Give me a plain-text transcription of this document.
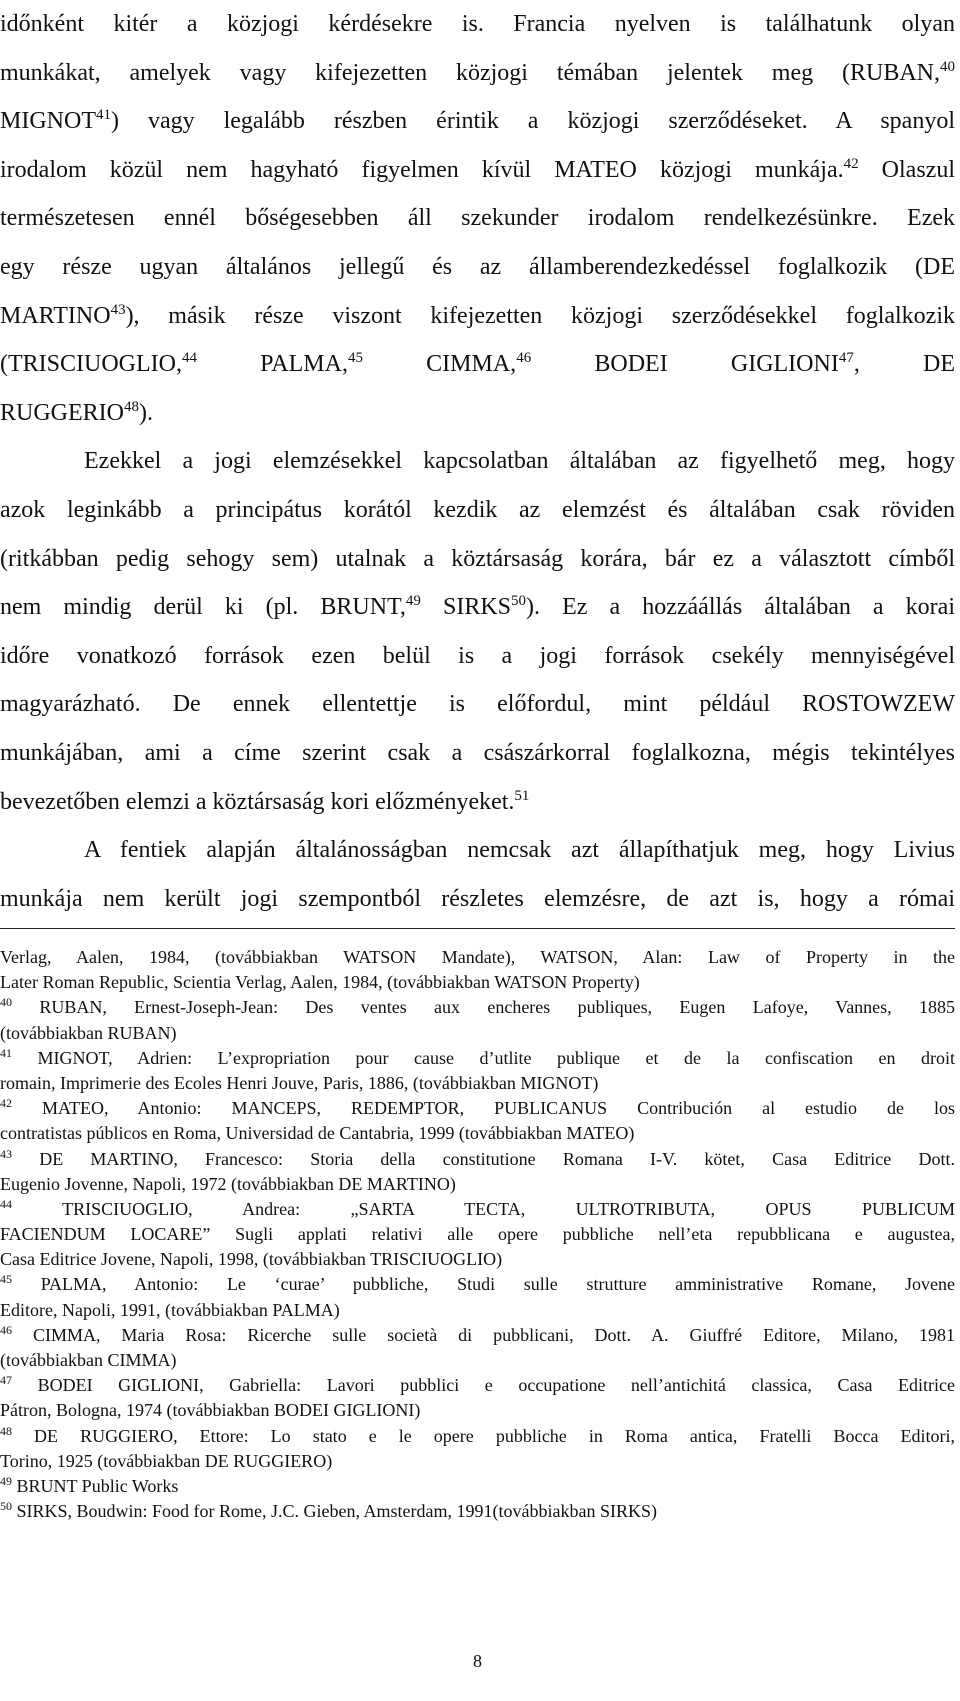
időnként kitér a közjogi kérdésekre is. Francia nyelven is találhatunk olyan
munkákat, amelyek vagy kifejezetten közjogi témában jelentek meg (RUBAN,$^{40}$
MIGNOT$^{41}$) vagy legalább részben érintik a közjogi szerződéseket. A spanyol
irodalom közül nem hagyható figyelmen kívül MATEO közjogi munkája.$^{42}$ Olaszul
természetesen ennél bőségesebben áll szekunder irodalom rendelkezésünkre. Ezek
egy része ugyan általános jellegű és az államberendezkedéssel foglalkozik (DE
MARTINO$^{43}$), másik része viszont kifejezetten közjogi szerződésekkel foglalkozik
(TRISCIUOGLIO,$^{44}$ PALMA,$^{45}$ CIMMA,$^{46}$ BODEI GIGLIONI$^{47}$, DE
RUGGERIO$^{48}$).
Ezekkel a jogi elemzésekkel kapcsolatban általában az figyelhető meg, hogy
azok leginkább a principátus korától kezdik az elemzést és általában csak röviden
(ritkábban pedig sehogy sem) utalnak a köztársaság korára, bár ez a választott címből
nem mindig derül ki (pl. BRUNT,$^{49}$ SIRKS$^{50}$). Ez a hozzáállás általában a korai
időre vonatkozó források ezen belül is a jogi források csekély mennyiségével
magyarázható. De ennek ellentettje is előfordul, mint például ROSTOWZEW
munkájában, ami a címe szerint csak a császárkorral foglalkozna, mégis tekintélyes
bevezetőben elemzi a köztársaság kori előzményeket.$^{51}$
A fentiek alapján általánosságban nemcsak azt állapíthatjuk meg, hogy Livius
munkája nem került jogi szempontból részletes elemzésre, de azt is, hogy a római
Verlag, Aalen, 1984, (továbbiakban WATSON Mandate), WATSON, Alan: Law of Property in the
Later Roman Republic, Scientia Verlag, Aalen, 1984, (továbbiakban WATSON Property)
$^{40}$ RUBAN, Ernest-Joseph-Jean: Des ventes aux encheres publiques, Eugen Lafoye, Vannes, 1885
(továbbiakban RUBAN)
$^{41}$ MIGNOT, Adrien: L’expropriation pour cause d’utlite publique et de la confiscation en droit
romain, Imprimerie des Ecoles Henri Jouve, Paris, 1886, (továbbiakban MIGNOT)
$^{42}$ MATEO, Antonio: MANCEPS, REDEMPTOR, PUBLICANUS Contribución al estudio de los
contratistas públicos en Roma, Universidad de Cantabria, 1999 (továbbiakban MATEO)
$^{43}$ DE MARTINO, Francesco: Storia della constitutione Romana I-V. kötet, Casa Editrice Dott.
Eugenio Jovenne, Napoli, 1972 (továbbiakban DE MARTINO)
$^{44}$ TRISCIUOGLIO, Andrea: „SARTA TECTA, ULTROTRIBUTA, OPUS PUBLICUM
FACIENDUM LOCARE” Sugli applati relativi alle opere pubbliche nell’eta repubblicana e augustea,
Casa Editrice Jovene, Napoli, 1998, (továbbiakban TRISCIUOGLIO)
$^{45}$ PALMA, Antonio: Le ‘curae’ pubbliche, Studi sulle strutture amministrative Romane, Jovene
Editore, Napoli, 1991, (továbbiakban PALMA)
$^{46}$ CIMMA, Maria Rosa: Ricerche sulle società di pubblicani, Dott. A. Giuffré Editore, Milano, 1981
(továbbiakban CIMMA)
$^{47}$ BODEI GIGLIONI, Gabriella: Lavori pubblici e occupatione nell’antichitá classica, Casa Editrice
Pátron, Bologna, 1974 (továbbiakban BODEI GIGLIONI)
$^{48}$ DE RUGGIERO, Ettore: Lo stato e le opere pubbliche in Roma antica, Fratelli Bocca Editori,
Torino, 1925 (továbbiakban DE RUGGIERO)
$^{49}$ BRUNT Public Works
$^{50}$ SIRKS, Boudwin: Food for Rome, J.C. Gieben, Amsterdam, 1991(továbbiakban SIRKS)
8
